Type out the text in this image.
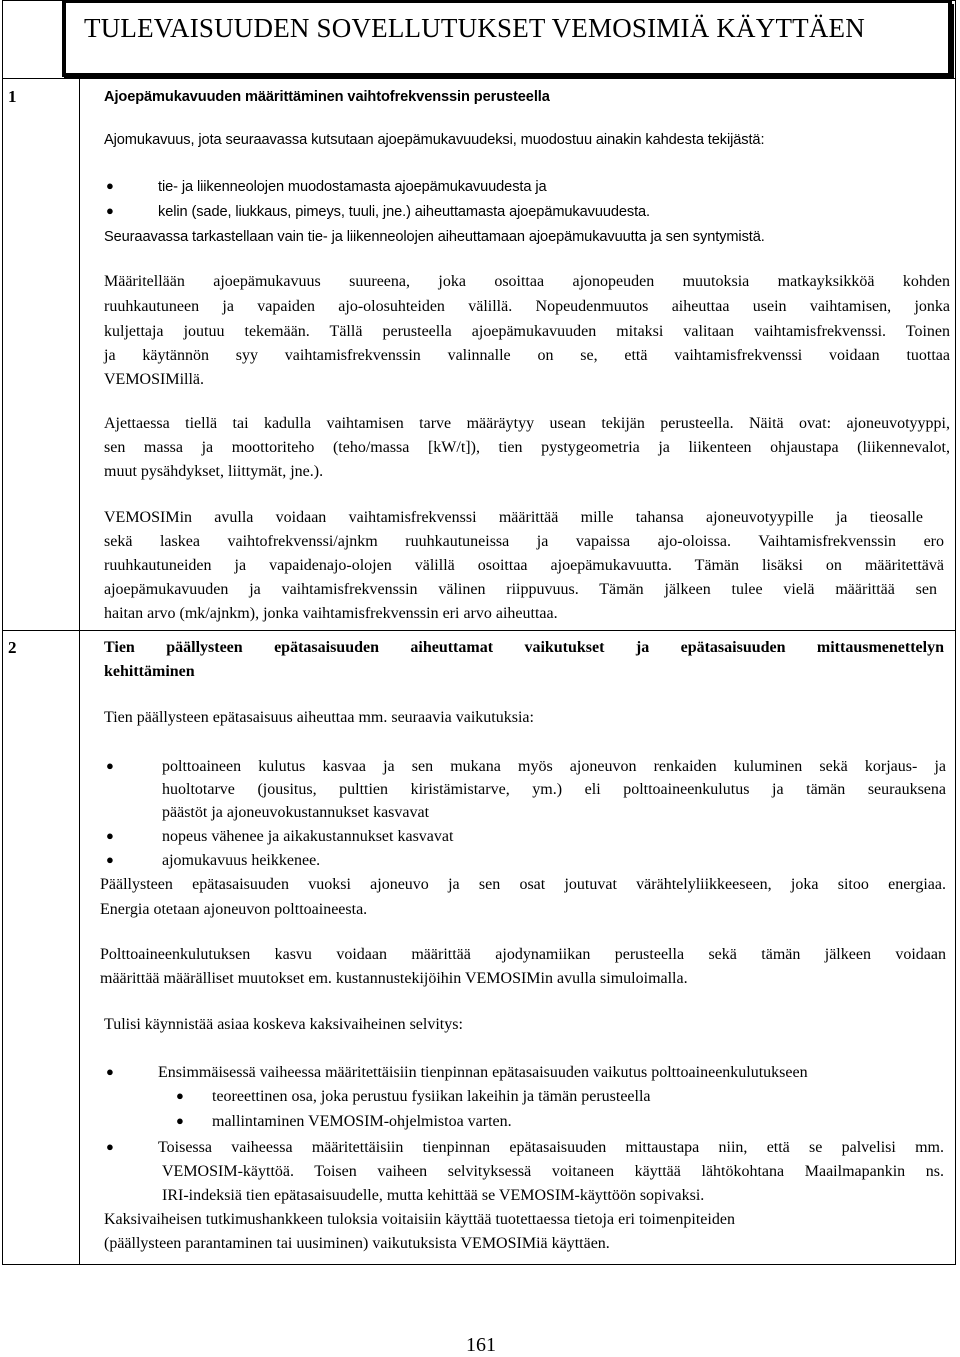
TULEVAISUUDEN SOVELLUTUKSET VEMOSIMIÄ KÄYTTÄEN
1	Ajoepämukavuuden määrittäminen vaihtofrekvenssin perusteella
Ajomukavuus, jota seuraavassa kutsutaan ajoepämukavuudeksi, muodostuu ainakin kahdesta tekijästä:
●	tie- ja liikenneolojen muodostamasta ajoepämukavuudesta ja
●	kelin (sade, liukkaus, pimeys, tuuli, jne.) aiheuttamasta ajoepämukavuudesta.
Seuraavassa tarkastellaan vain tie- ja liikenneolojen aiheuttamaan ajoepämukavuutta ja sen syntymistä.
Määritellään ajoepämukavuus suureena, joka osoittaa ajonopeuden muutoksia matkayksikköä kohden
ruuhkautuneen ja vapaiden ajo-olosuhteiden välillä. Nopeudenmuutos aiheuttaa usein vaihtamisen, jonka
kuljettaja joutuu tekemään. Tällä perusteella ajoepämukavuuden mitaksi valitaan vaihtamisfrekvenssi. Toinen
ja käytännön syy vaihtamisfrekvenssin valinnalle on se, että vaihtamisfrekvenssi voidaan tuottaa
VEMOSIMillä.
Ajettaessa tiellä tai kadulla vaihtamisen tarve määräytyy usean tekijän perusteella. Näitä ovat: ajoneuvotyyppi,
sen massa ja moottoriteho (teho/massa [kW/t]), tien pystygeometria ja liikenteen ohjaustapa (liikennevalot,
muut pysähdykset, liittymät, jne.).
VEMOSIMin avulla voidaan vaihtamisfrekvenssi määrittää mille tahansa ajoneuvotyypille ja tieosalle
sekä laskea vaihtofrekvenssi/ajnkm ruuhkautuneissa ja vapaissa ajo-oloissa. Vaihtamisfrekvenssin ero
ruuhkautuneiden ja vapaidenajo-olojen välillä osoittaa ajoepämukavuutta. Tämän lisäksi on määritettävä
ajoepämukavuuden ja vaihtamisfrekvenssin välinen riippuvuus. Tämän jälkeen tulee vielä määrittää sen
haitan arvo (mk/ajnkm), jonka vaihtamisfrekvenssin eri arvo aiheuttaa.
2	Tien päällysteen epätasaisuuden aiheuttamat vaikutukset ja epätasaisuuden mittausmenettelyn
kehittäminen
Tien päällysteen epätasaisuus aiheuttaa mm. seuraavia vaikutuksia:
●	polttoaineen kulutus kasvaa ja sen mukana myös ajoneuvon renkaiden kuluminen sekä korjaus- ja
huoltotarve (jousitus, pulttien kiristämistarve, ym.) eli polttoaineenkulutus ja tämän seurauksena
päästöt ja ajoneuvokustannukset kasvavat
●	nopeus vähenee ja aikakustannukset kasvavat
●	ajomukavuus heikkenee.
Päällysteen epätasaisuuden vuoksi ajoneuvo ja sen osat joutuvat värähtelyliikkeeseen, joka sitoo energiaa.
Energia otetaan ajoneuvon polttoaineesta.
Polttoaineenkulutuksen kasvu voidaan määrittää ajodynamiikan perusteella sekä tämän jälkeen voidaan
määrittää määrälliset muutokset em. kustannustekijöihin VEMOSIMin avulla simuloimalla.
Tulisi käynnistää asiaa koskeva kaksivaiheinen selvitys:
●	Ensimmäisessä vaiheessa määritettäisiin tienpinnan epätasaisuuden vaikutus polttoaineenkulutukseen
● teoreettinen osa, joka perustuu fysiikan lakeihin ja tämän perusteella
● mallintaminen VEMOSIM-ohjelmistoa varten.
●	Toisessa vaiheessa määritettäisiin tienpinnan epätasaisuuden mittaustapa niin, että se palvelisi mm.
VEMOSIM-käyttöä. Toisen vaiheen selvityksessä voitaneen käyttää lähtökohtana Maailmapankin ns.
IRI-indeksiä tien epätasaisuudelle, mutta kehittää se VEMOSIM-käyttöön sopivaksi.
Kaksivaiheisen tutkimushankkeen tuloksia voitaisiin käyttää tuotettaessa tietoja eri toimenpiteiden
(päällysteen parantaminen tai uusiminen) vaikutuksista VEMOSIMiä käyttäen.
161
